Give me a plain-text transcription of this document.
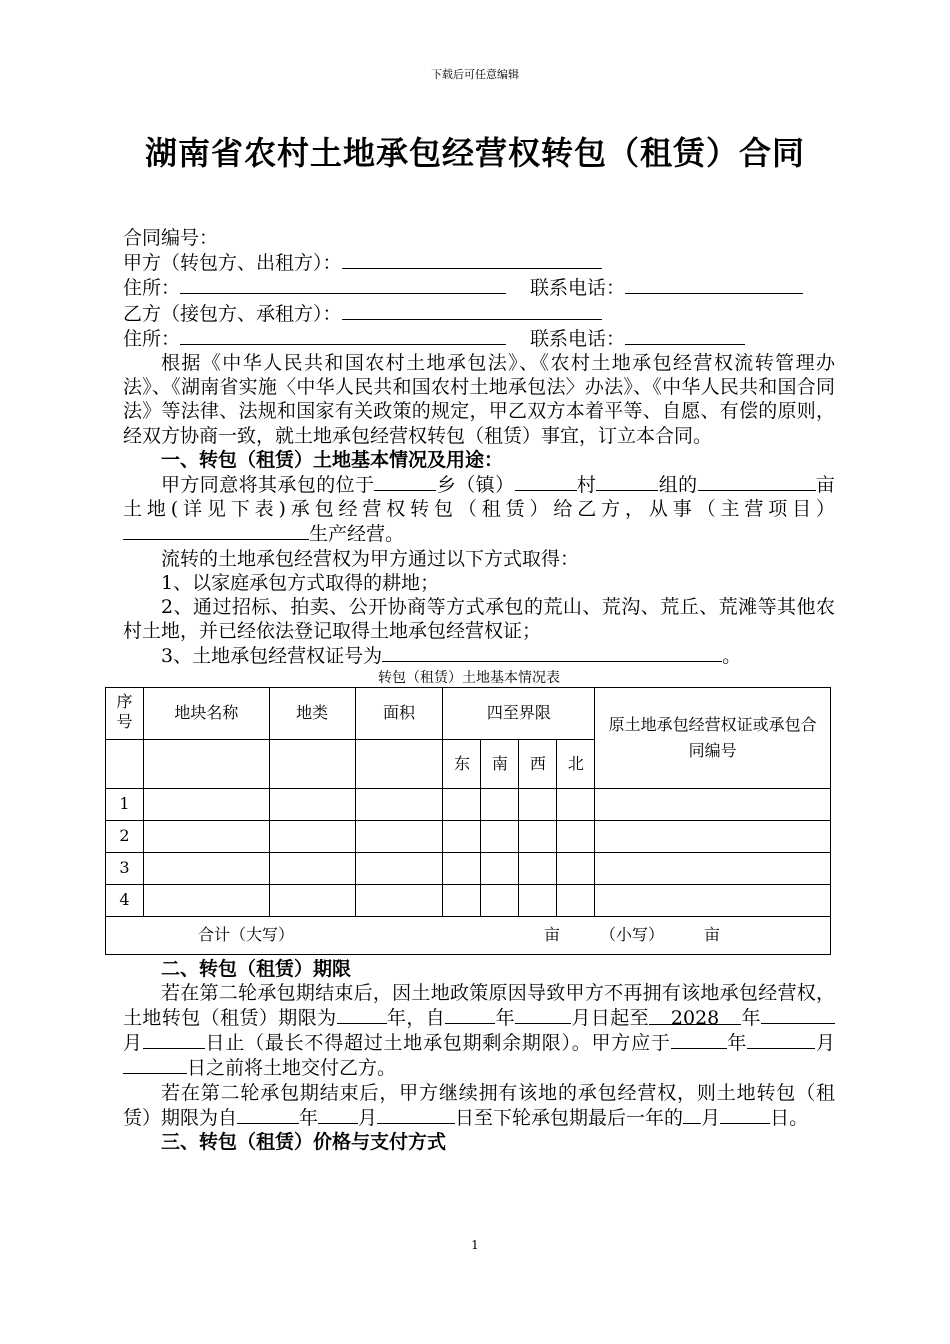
下载后可任意编辑
湖南省农村土地承包经营权转包（租赁）合同
合同编号：
甲方（转包方、出租方）：
住所：	联系电话：
乙方（接包方、承租方）：
住所：	联系电话：
根据《中华人民共和国农村土地承包法》、《农村土地承包经营权流转管理办法》、《湖南省实施〈中华人民共和国农村土地承包法〉办法》、《中华人民共和国合同法》等法律、法规和国家有关政策的规定，甲乙双方本着平等、自愿、有偿的原则，经双方协商一致，就土地承包经营权转包（租赁）事宜，订立本合同。
一、转包（租赁）土地基本情况及用途：
甲方同意将其承包的位于	乡（镇）	村	组的	亩土地(详见下表)承包经营权转包（租赁）给乙方，从事（主营项目）生产经营。
流转的土地承包经营权为甲方通过以下方式取得：
1、以家庭承包方式取得的耕地；
2、通过招标、拍卖、公开协商等方式承包的荒山、荒沟、荒丘、荒滩等其他农村土地，并已经依法登记取得土地承包经营权证；
3、土地承包经营权证号为	。
转包（租赁）土地基本情况表
序号	地块名称	地类	面积	四至界限				原土地承包经营权证或承包合同编号
				东	南	西	北	
1								
2								
3								
4								
合计（大写） 亩 （小写） 亩								
二、转包（租赁）期限
若在第二轮承包期结束后，因土地政策原因导致甲方不再拥有该地承包经营权，土地转包（租赁）期限为	年，自	年	月日起至 2028 年月	日止（最长不得超过土地承包期剩余期限）。甲方应于	年	月日之前将土地交付乙方。
若在第二轮承包期结束后，甲方继续拥有该地的承包经营权，则土地转包（租赁）期限为自	年 月	日至下轮承包期最后一年的 月	日。
三、转包（租赁）价格与支付方式
1
